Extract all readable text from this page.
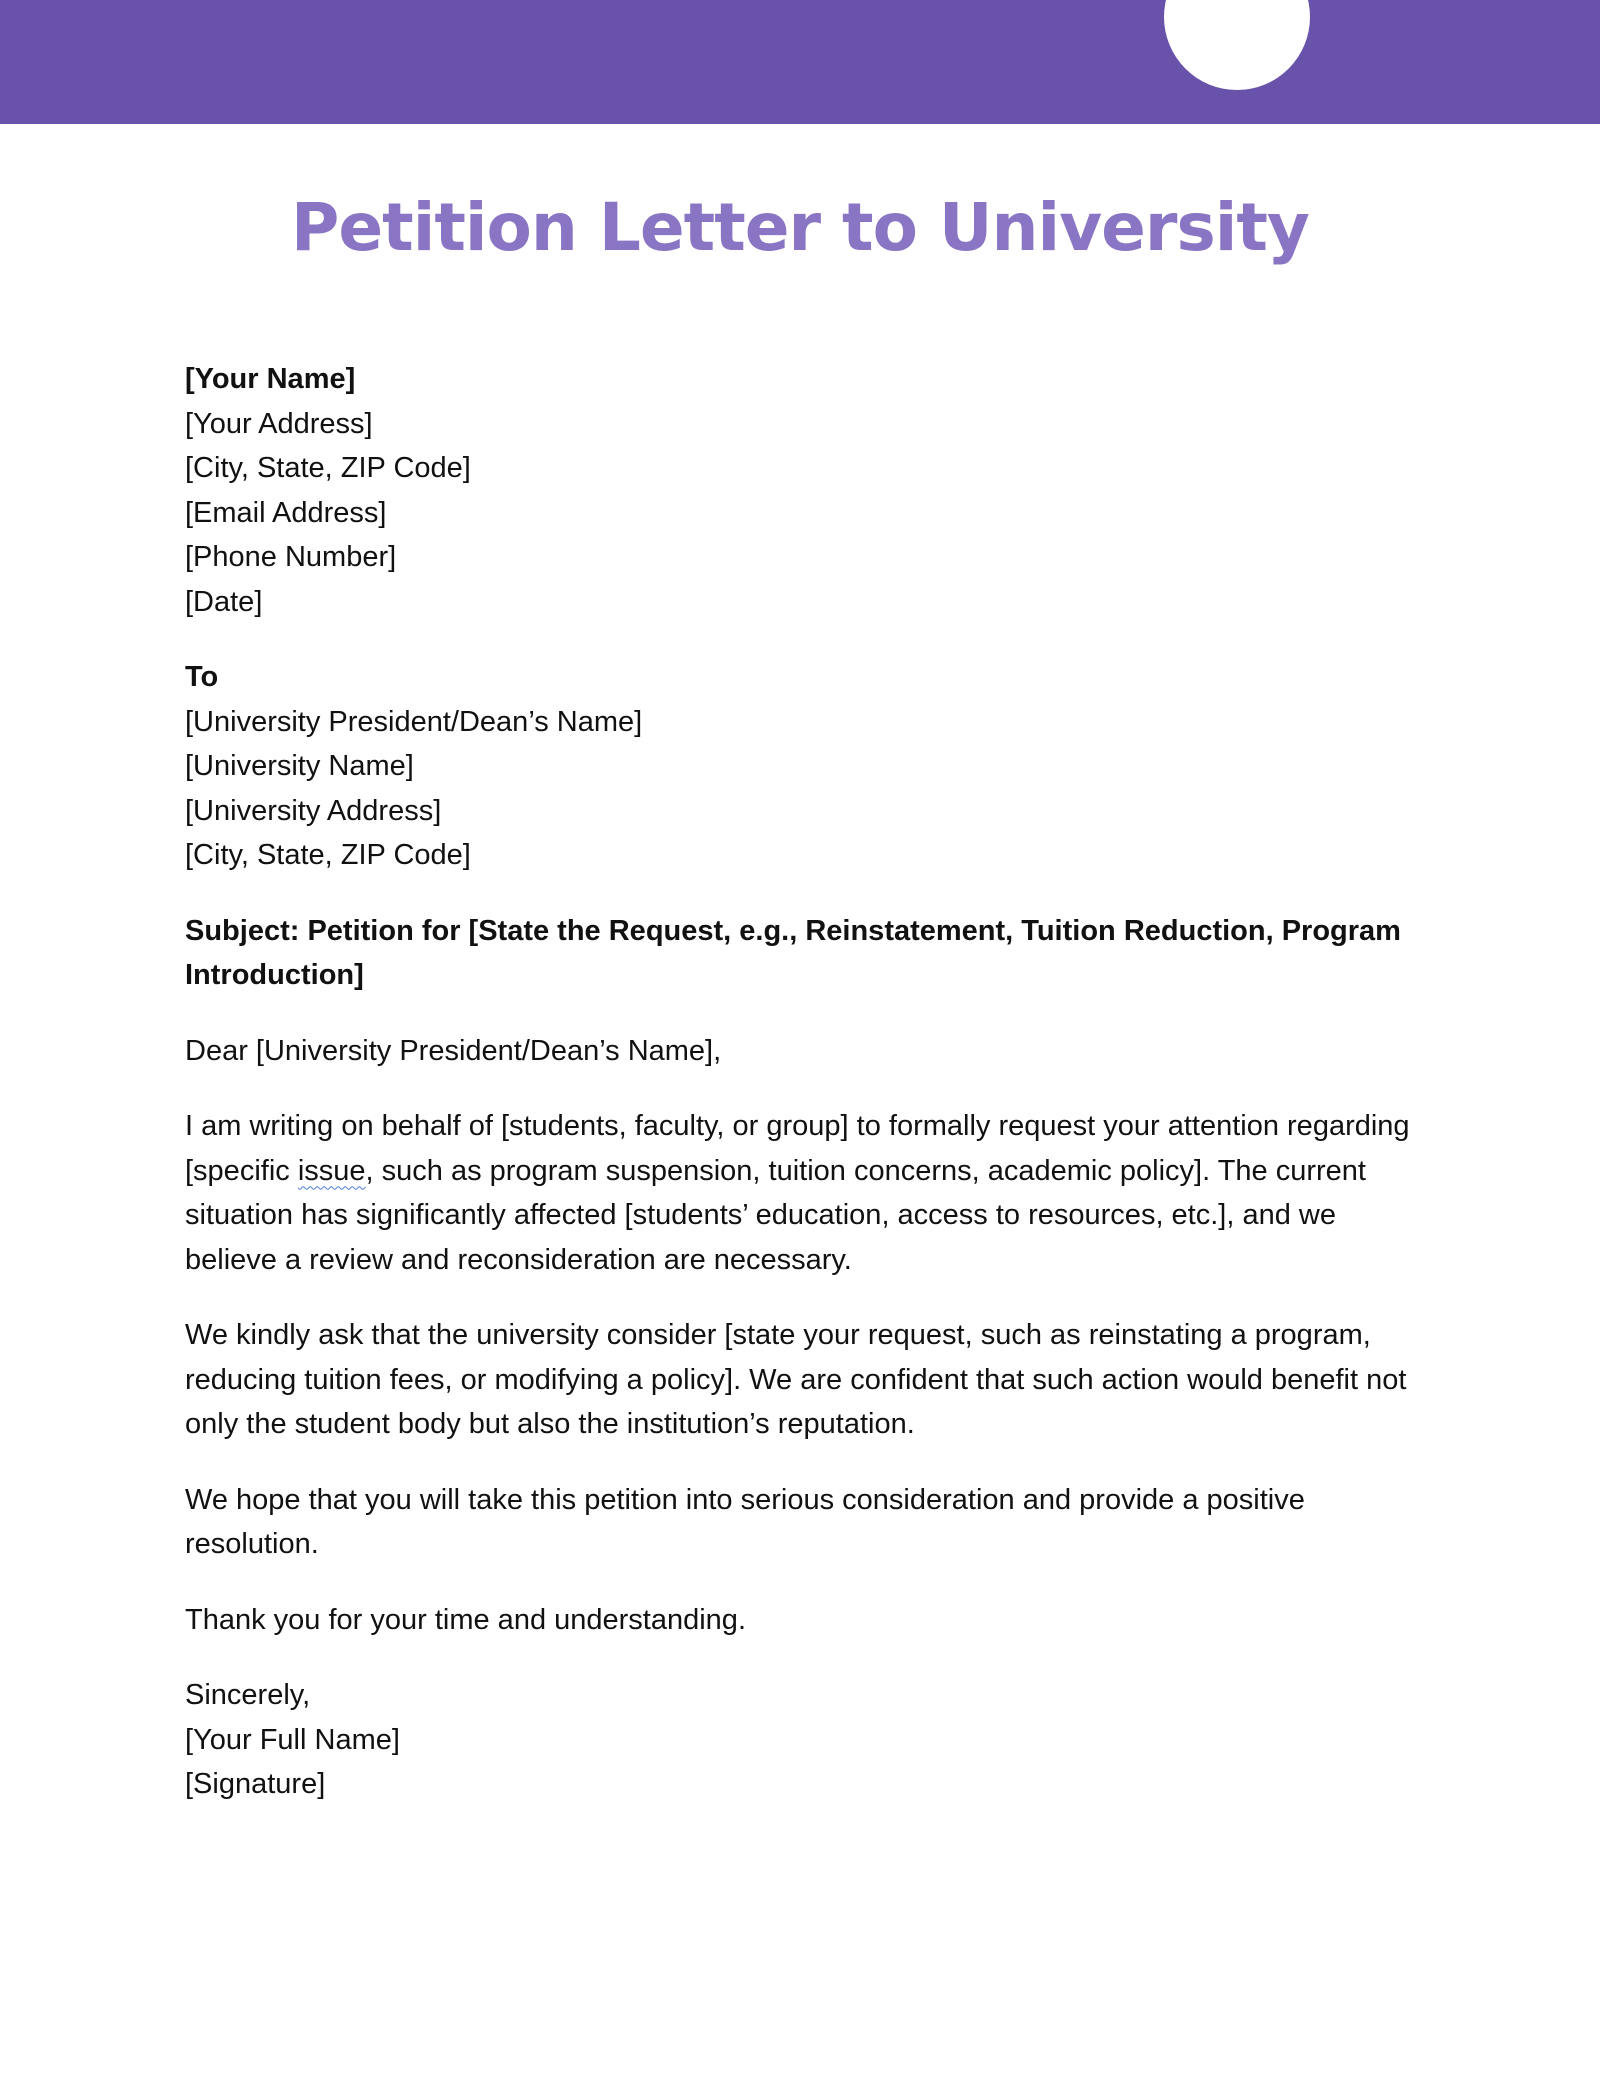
Petition Letter to University
[Your Name]
[Your Address]
[City, State, ZIP Code]
[Email Address]
[Phone Number]
[Date]
To
[University President/Dean’s Name]
[University Name]
[University Address]
[City, State, ZIP Code]

Subject: Petition for [State the Request, e.g., Reinstatement, Tuition Reduction, Program Introduction]

Dear [University President/Dean’s Name],

I am writing on behalf of [students, faculty, or group] to formally request your attention regarding [specific issue, such as program suspension, tuition concerns, academic policy]. The current situation has significantly affected [students’ education, access to resources, etc.], and we believe a review and reconsideration are necessary.

We kindly ask that the university consider [state your request, such as reinstating a program, reducing tuition fees, or modifying a policy]. We are confident that such action would benefit not only the student body but also the institution’s reputation.

We hope that you will take this petition into serious consideration and provide a positive resolution.

Thank you for your time and understanding.

Sincerely,
[Your Full Name]
[Signature]
